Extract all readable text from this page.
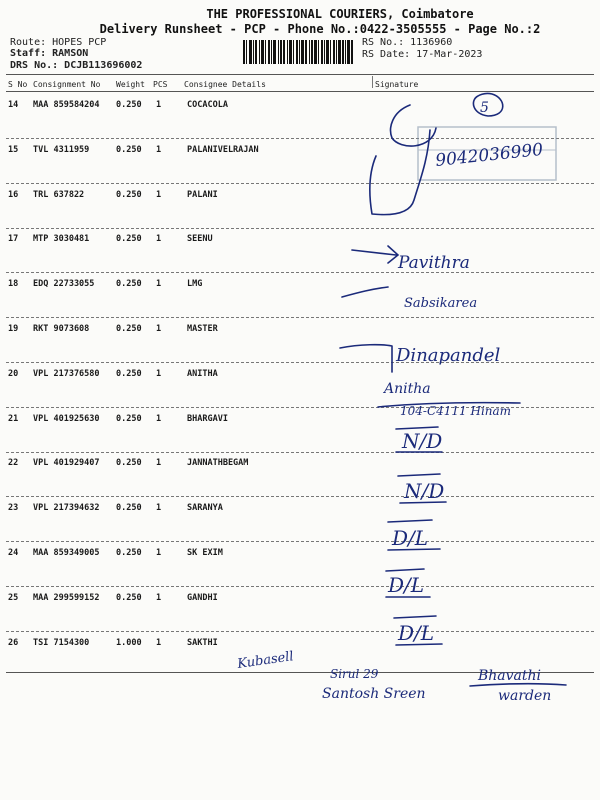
THE PROFESSIONAL COURIERS, Coimbatore
Delivery Runsheet - PCP - Phone No.:0422-3505555 - Page No.:2
Route: HOPES PCP
Staff: RAMSON
DRS No.: DCJB113696002
RS No.: 1136960
RS Date: 17-Mar-2023
S No Consignment No Weight PCS Consignee Details	Signature
14 MAA 859584204 0.250 1	COCACOLA
15 TVL 4311959	0.250 1	PALANIVELRAJAN
16 TRL 637822	0.250 1	PALANI
17 MTP 3030481	0.250 1	SEENU
18 EDQ 22733055	0.250 1	LMG
19 RKT 9073608	0.250 1	MASTER
20 VPL 217376580 0.250 1	ANITHA
21 VPL 401925630 0.250 1	BHARGAVI
22 VPL 401929407 0.250 1	JANNATHBEGAM
23 VPL 217394632 0.250 1	SARANYA
24 MAA 859349005 0.250 1	SK EXIM
25 MAA 299599152 0.250 1	GANDHI
26 TSI 7154300	1.000 1	SAKTHI
5
9042036990
Pavithra
Sabsikarea
Dinapandel
Anitha
104-C4111 Hinam
N/D
N/D
D/L
D/L
D/L
Kubasell
Sirul 29
Santosh Sreen
Bhavathi
warden
